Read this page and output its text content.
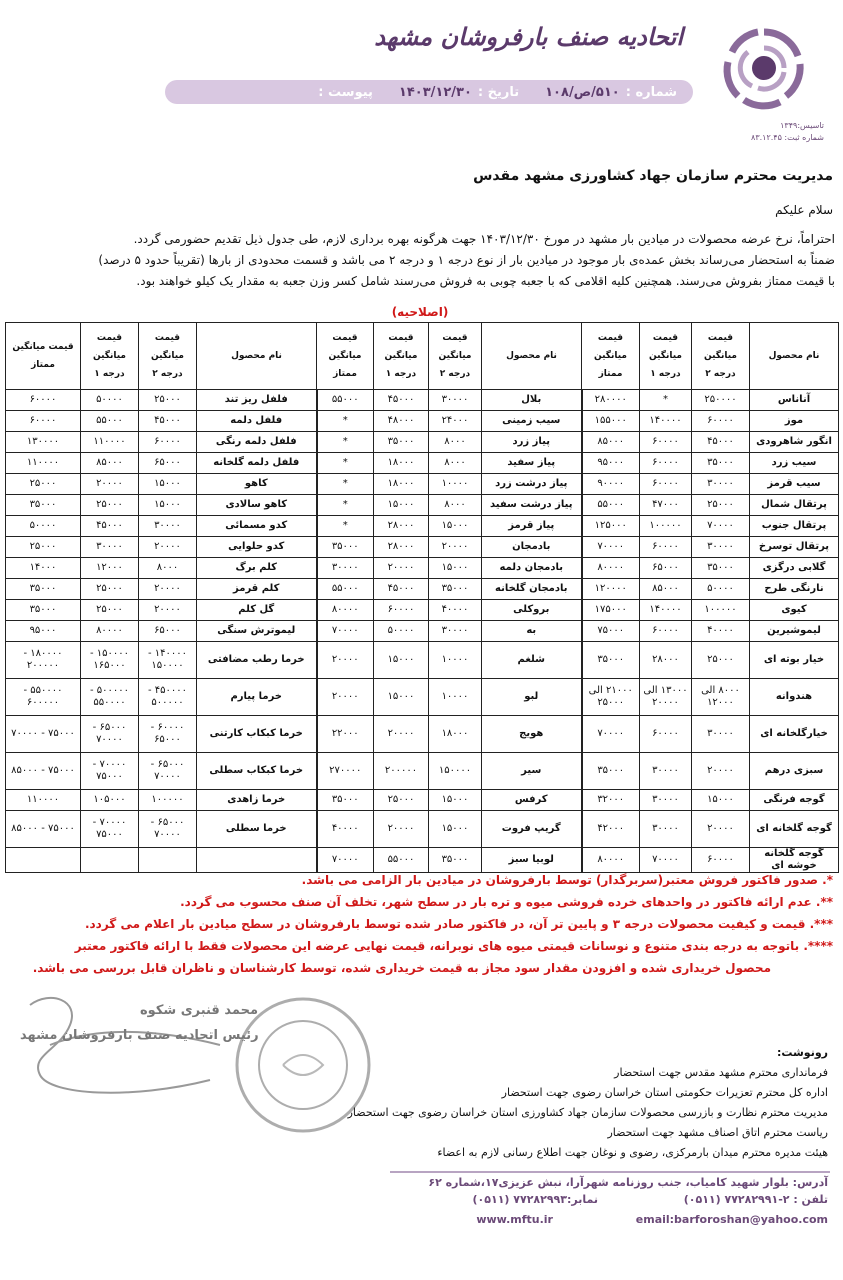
تاسیس:۱۳۴۹
شماره ثبت: ۸۳.۱۲.۴۵
اتحادیه صنف بارفروشان مشهد
شماره :
۵۱۰/ص/۱۰۸
تاریخ :
۱۴۰۳/۱۲/۳۰
پیوست :
مدیریت محترم سازمان جهاد کشاورزی مشهد مقدس
سلام علیکم
احتراماً، نرخ عرضه محصولات در میادین بار مشهد در مورخ ۱۴۰۳/۱۲/۳۰ جهت هرگونه بهره برداری لازم، طی جدول ذیل تقدیم حضورمی گردد.
ضمناً به استحضار می‌رساند بخش عمده‌ی بار موجود در میادین بار از نوع درجه ۱ و درجه ۲ می باشد و قسمت محدودی از بارها (تقریباً حدود ۵ درصد)
با قیمت ممتاز بفروش می‌رسند. همچنین کلیه اقلامی که با جعبه چوبی به فروش می‌رسند شامل کسر وزن جعبه به مقدار یک کیلو خواهند بود.
(اصلاحیه)
نام محصول	قیمت میانگین درجه ۲	قیمت میانگین درجه ۱	قیمت میانگین ممتاز	نام محصول	قیمت میانگین درجه ۲	قیمت میانگین درجه ۱	قیمت میانگین ممتاز	نام محصول	قیمت میانگین درجه ۲	قیمت میانگین درجه ۱	قیمت میانگین ممتاز
آناناس	۲۵۰۰۰۰	*	۲۸۰۰۰۰	بلال	۳۰۰۰۰	۴۵۰۰۰	۵۵۰۰۰	فلفل ریز تند	۲۵۰۰۰	۵۰۰۰۰	۶۰۰۰۰
موز	۶۰۰۰۰	۱۴۰۰۰۰	۱۵۵۰۰۰	سیب زمینی	۲۴۰۰۰	۴۸۰۰۰	*	فلفل دلمه	۴۵۰۰۰	۵۵۰۰۰	۶۰۰۰۰
انگور شاهرودی	۴۵۰۰۰	۶۰۰۰۰	۸۵۰۰۰	پیاز زرد	۸۰۰۰	۳۵۰۰۰	*	فلفل دلمه رنگی	۶۰۰۰۰	۱۱۰۰۰۰	۱۳۰۰۰۰
سیب زرد	۳۵۰۰۰	۶۰۰۰۰	۹۵۰۰۰	پیاز سفید	۸۰۰۰	۱۸۰۰۰	*	فلفل دلمه گلخانه	۶۵۰۰۰	۸۵۰۰۰	۱۱۰۰۰۰
سیب قرمز	۳۰۰۰۰	۶۰۰۰۰	۹۰۰۰۰	پیاز درشت زرد	۱۰۰۰۰	۱۸۰۰۰	*	کاهو	۱۵۰۰۰	۲۰۰۰۰	۲۵۰۰۰
پرتقال شمال	۲۵۰۰۰	۴۷۰۰۰	۵۵۰۰۰	پیاز درشت سفید	۸۰۰۰	۱۵۰۰۰	*	کاهو سالادی	۱۵۰۰۰	۲۵۰۰۰	۳۵۰۰۰
پرتقال جنوب	۷۰۰۰۰	۱۰۰۰۰۰	۱۲۵۰۰۰	پیاز قرمز	۱۵۰۰۰	۲۸۰۰۰	*	کدو مسمائی	۳۰۰۰۰	۴۵۰۰۰	۵۰۰۰۰
پرتقال تو‌سرخ	۳۰۰۰۰	۶۰۰۰۰	۷۰۰۰۰	بادمجان	۲۰۰۰۰	۲۸۰۰۰	۳۵۰۰۰	کدو حلوایی	۲۰۰۰۰	۳۰۰۰۰	۲۵۰۰۰
گلابی درگزی	۳۵۰۰۰	۶۵۰۰۰	۸۰۰۰۰	بادمجان دلمه	۱۵۰۰۰	۲۰۰۰۰	۳۰۰۰۰	کلم برگ	۸۰۰۰	۱۲۰۰۰	۱۴۰۰۰
نارنگی طرح	۵۰۰۰۰	۸۵۰۰۰	۱۲۰۰۰۰	بادمجان گلخانه	۳۵۰۰۰	۴۵۰۰۰	۵۵۰۰۰	کلم قرمز	۲۰۰۰۰	۲۵۰۰۰	۳۵۰۰۰
کیوی	۱۰۰۰۰۰	۱۴۰۰۰۰	۱۷۵۰۰۰	بروکلی	۴۰۰۰۰	۶۰۰۰۰	۸۰۰۰۰	گل کلم	۲۰۰۰۰	۲۵۰۰۰	۳۵۰۰۰
لیموشیرین	۴۰۰۰۰	۶۰۰۰۰	۷۵۰۰۰	به	۳۰۰۰۰	۵۰۰۰۰	۷۰۰۰۰	لیموترش سنگی	۶۵۰۰۰	۸۰۰۰۰	۹۵۰۰۰
خیار بوته ای	۲۵۰۰۰	۲۸۰۰۰	۳۵۰۰۰	شلغم	۱۰۰۰۰	۱۵۰۰۰	۲۰۰۰۰	خرما رطب مضافتی	۱۴۰۰۰۰ - ۱۵۰۰۰۰	۱۵۰۰۰۰ - ۱۶۵۰۰۰	۱۸۰۰۰۰ - ۲۰۰۰۰۰
هندوانه	۸۰۰۰ الی ۱۲۰۰۰	۱۳۰۰۰ الی ۲۰۰۰۰	۲۱۰۰۰ الی ۲۵۰۰۰	لبو	۱۰۰۰۰	۱۵۰۰۰	۲۰۰۰۰	خرما پیارم	۴۵۰۰۰۰ - ۵۰۰۰۰۰	۵۰۰۰۰۰ - ۵۵۰۰۰۰	۵۵۰۰۰۰ - ۶۰۰۰۰۰
خیارگلخانه ای	۳۰۰۰۰	۶۰۰۰۰	۷۰۰۰۰	هویج	۱۸۰۰۰	۲۰۰۰۰	۲۲۰۰۰	خرما کبکاب کارتنی	۶۰۰۰۰ - ۶۵۰۰۰	۶۵۰۰۰ - ۷۰۰۰۰	۷۵۰۰۰ - ۷۰۰۰۰
سبزی درهم	۲۰۰۰۰	۳۰۰۰۰	۳۵۰۰۰	سیر	۱۵۰۰۰۰	۲۰۰۰۰۰	۲۷۰۰۰۰	خرما کبکاب سطلی	۶۵۰۰۰ - ۷۰۰۰۰	۷۰۰۰۰ - ۷۵۰۰۰	۷۵۰۰۰ - ۸۵۰۰۰
گوجه فرنگی	۱۵۰۰۰	۳۰۰۰۰	۳۲۰۰۰	کرفس	۱۵۰۰۰	۲۵۰۰۰	۳۵۰۰۰	خرما زاهدی	۱۰۰۰۰۰	۱۰۵۰۰۰	۱۱۰۰۰۰
گوجه گلخانه ای	۲۰۰۰۰	۳۰۰۰۰	۴۲۰۰۰	گریپ فروت	۱۵۰۰۰	۲۰۰۰۰	۴۰۰۰۰	خرما سطلی	۶۵۰۰۰ - ۷۰۰۰۰	۷۰۰۰۰ - ۷۵۰۰۰	۷۵۰۰۰ - ۸۵۰۰۰
گوجه گلخانه خوشه ای	۶۰۰۰۰	۷۰۰۰۰	۸۰۰۰۰	لوبیا سبز	۳۵۰۰۰	۵۵۰۰۰	۷۰۰۰۰				
*. صدور فاکتور فروش معتبر(سربرگدار) توسط بارفروشان در میادین بار الزامی می باشد.
**. عدم ارائه فاکتور در واحدهای خرده فروشی میوه و تره بار در سطح شهر، تخلف آن صنف محسوب می گردد.
***. قیمت و کیفیت محصولات درجه ۳ و پایین تر آن، در فاکتور صادر شده توسط بارفروشان در سطح میادین بار اعلام می گردد.
****. باتوجه به درجه بندی متنوع و نوسانات قیمتی میوه های نوبرانه، قیمت نهایی عرضه این محصولات فقط با ارائه فاکتور معتبر
محصول خریداری شده و افزودن مقدار سود مجاز به قیمت خریداری شده، توسط کارشناسان و ناظران قابل بررسی می باشد.
محمد قنبری شکوه
رئیس اتحادیه صنف بارفروشان مشهد
رونوشت:
فرمانداری محترم مشهد مقدس جهت استحضار
اداره کل محترم تعزیرات حکومتی استان خراسان رضوی جهت استحضار
مدیریت محترم نظارت و بازرسی محصولات سازمان جهاد کشاورزی استان خراسان رضوی جهت استحضار
ریاست محترم اتاق اصناف مشهد جهت استحضار
هیئت مدیره محترم میدان بارمرکزی، رضوی و نوغان جهت اطلاع رسانی لازم به اعضاء
آدرس: بلوار شهید کامیاب، جنب روزنامه شهرآرا، نبش عزیزی۱۷،شماره ۶۲
تلفن : ۲-۷۷۲۸۲۹۹۱ (۰۵۱۱)
نمابر:۷۷۲۸۲۹۹۳ (۰۵۱۱)
email:barforoshan@yahoo.com
www.mftu.ir
